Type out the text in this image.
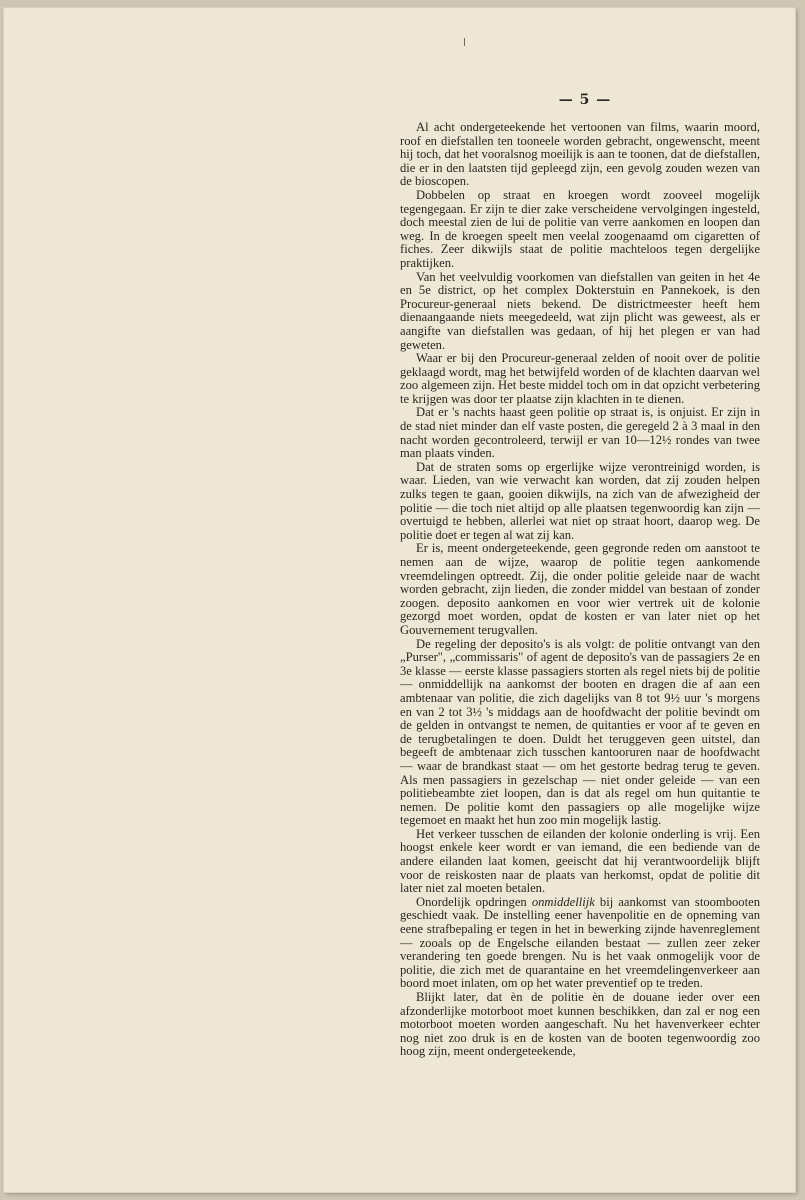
— 5 —

Al acht ondergeteekende het vertoonen van films, waarin moord, roof en diefstallen ten tooneele worden gebracht, ongewenscht, meent hij toch, dat het vooralsnog moeilijk is aan te toonen, dat de diefstallen, die er in den laatsten tijd gepleegd zijn, een gevolg zouden wezen van de bioscopen.

Dobbelen op straat en kroegen wordt zooveel mogelijk tegengegaan. Er zijn te dier zake verscheidene vervolgingen ingesteld, doch meestal zien de lui de politie van verre aankomen en loopen dan weg. In de kroegen speelt men veelal zoogenaamd om cigaretten of fiches. Zeer dikwijls staat de politie machteloos tegen dergelijke praktijken.

Van het veelvuldig voorkomen van diefstallen van geiten in het 4e en 5e district, op het complex Dokterstuin en Pannekoek, is den Procureur-generaal niets bekend. De districtmeester heeft hem dienaangaande niets meegedeeld, wat zijn plicht was geweest, als er aangifte van diefstallen was gedaan, of hij het plegen er van had geweten.

Waar er bij den Procureur-generaal zelden of nooit over de politie geklaagd wordt, mag het betwijfeld worden of de klachten daarvan wel zoo algemeen zijn. Het beste middel toch om in dat opzicht verbetering te krijgen was door ter plaatse zijn klachten in te dienen.

Dat er 's nachts haast geen politie op straat is, is onjuist. Er zijn in de stad niet minder dan elf vaste posten, die geregeld 2 à 3 maal in den nacht worden gecontroleerd, terwijl er van 10—12½ rondes van twee man plaats vinden.

Dat de straten soms op ergerlijke wijze verontreinigd worden, is waar. Lieden, van wie verwacht kan worden, dat zij zouden helpen zulks tegen te gaan, gooien dikwijls, na zich van de afwezigheid der politie — die toch niet altijd op alle plaatsen tegenwoordig kan zijn — overtuigd te hebben, allerlei wat niet op straat hoort, daarop weg. De politie doet er tegen al wat zij kan.

Er is, meent ondergeteekende, geen gegronde reden om aanstoot te nemen aan de wijze, waarop de politie tegen aankomende vreemdelingen optreedt. Zij, die onder politie geleide naar de wacht worden gebracht, zijn lieden, die zonder middel van bestaan of zonder zoogen. deposito aankomen en voor wier vertrek uit de kolonie gezorgd moet worden, opdat de kosten er van later niet op het Gouvernement terugvallen.

De regeling der deposito's is als volgt: de politie ontvangt van den „Purser", „commissaris" of agent de deposito's van de passagiers 2e en 3e klasse — eerste klasse passagiers storten als regel niets bij de politie — onmiddellijk na aankomst der booten en dragen die af aan een ambtenaar van politie, die zich dagelijks van 8 tot 9½ uur 's morgens en van 2 tot 3½ 's middags aan de hoofdwacht der politie bevindt om de gelden in ontvangst te nemen, de quitanties er voor af te geven en de terugbetalingen te doen. Duldt het teruggeven geen uitstel, dan begeeft de ambtenaar zich tusschen kantooruren naar de hoofdwacht — waar de brandkast staat — om het gestorte bedrag terug te geven. Als men passagiers in gezelschap — niet onder geleide — van een politiebeambte ziet loopen, dan is dat als regel om hun quitantie te nemen. De politie komt den passagiers op alle mogelijke wijze tegemoet en maakt het hun zoo min mogelijk lastig.

Het verkeer tusschen de eilanden der kolonie onderling is vrij. Een hoogst enkele keer wordt er van iemand, die een bediende van de andere eilanden laat komen, geeischt dat hij verantwoordelijk blijft voor de reiskosten naar de plaats van herkomst, opdat de politie dit later niet zal moeten betalen.

Onordelijk opdringen onmiddellijk bij aankomst van stoombooten geschiedt vaak. De instelling eener havenpolitie en de opneming van eene strafbepaling er tegen in het in bewerking zijnde havenreglement — zooals op de Engelsche eilanden bestaat — zullen zeer zeker verandering ten goede brengen. Nu is het vaak onmogelijk voor de politie, die zich met de quarantaine en het vreemdelingenverkeer aan boord moet inlaten, om op het water preventief op te treden.

Blijkt later, dat èn de politie èn de douane ieder over een afzonderlijke motorboot moet kunnen beschikken, dan zal er nog een motorboot moeten worden aangeschaft. Nu het havenverkeer echter nog niet zoo druk is en de kosten van de booten tegenwoordig zoo hoog zijn, meent ondergeteekende,
